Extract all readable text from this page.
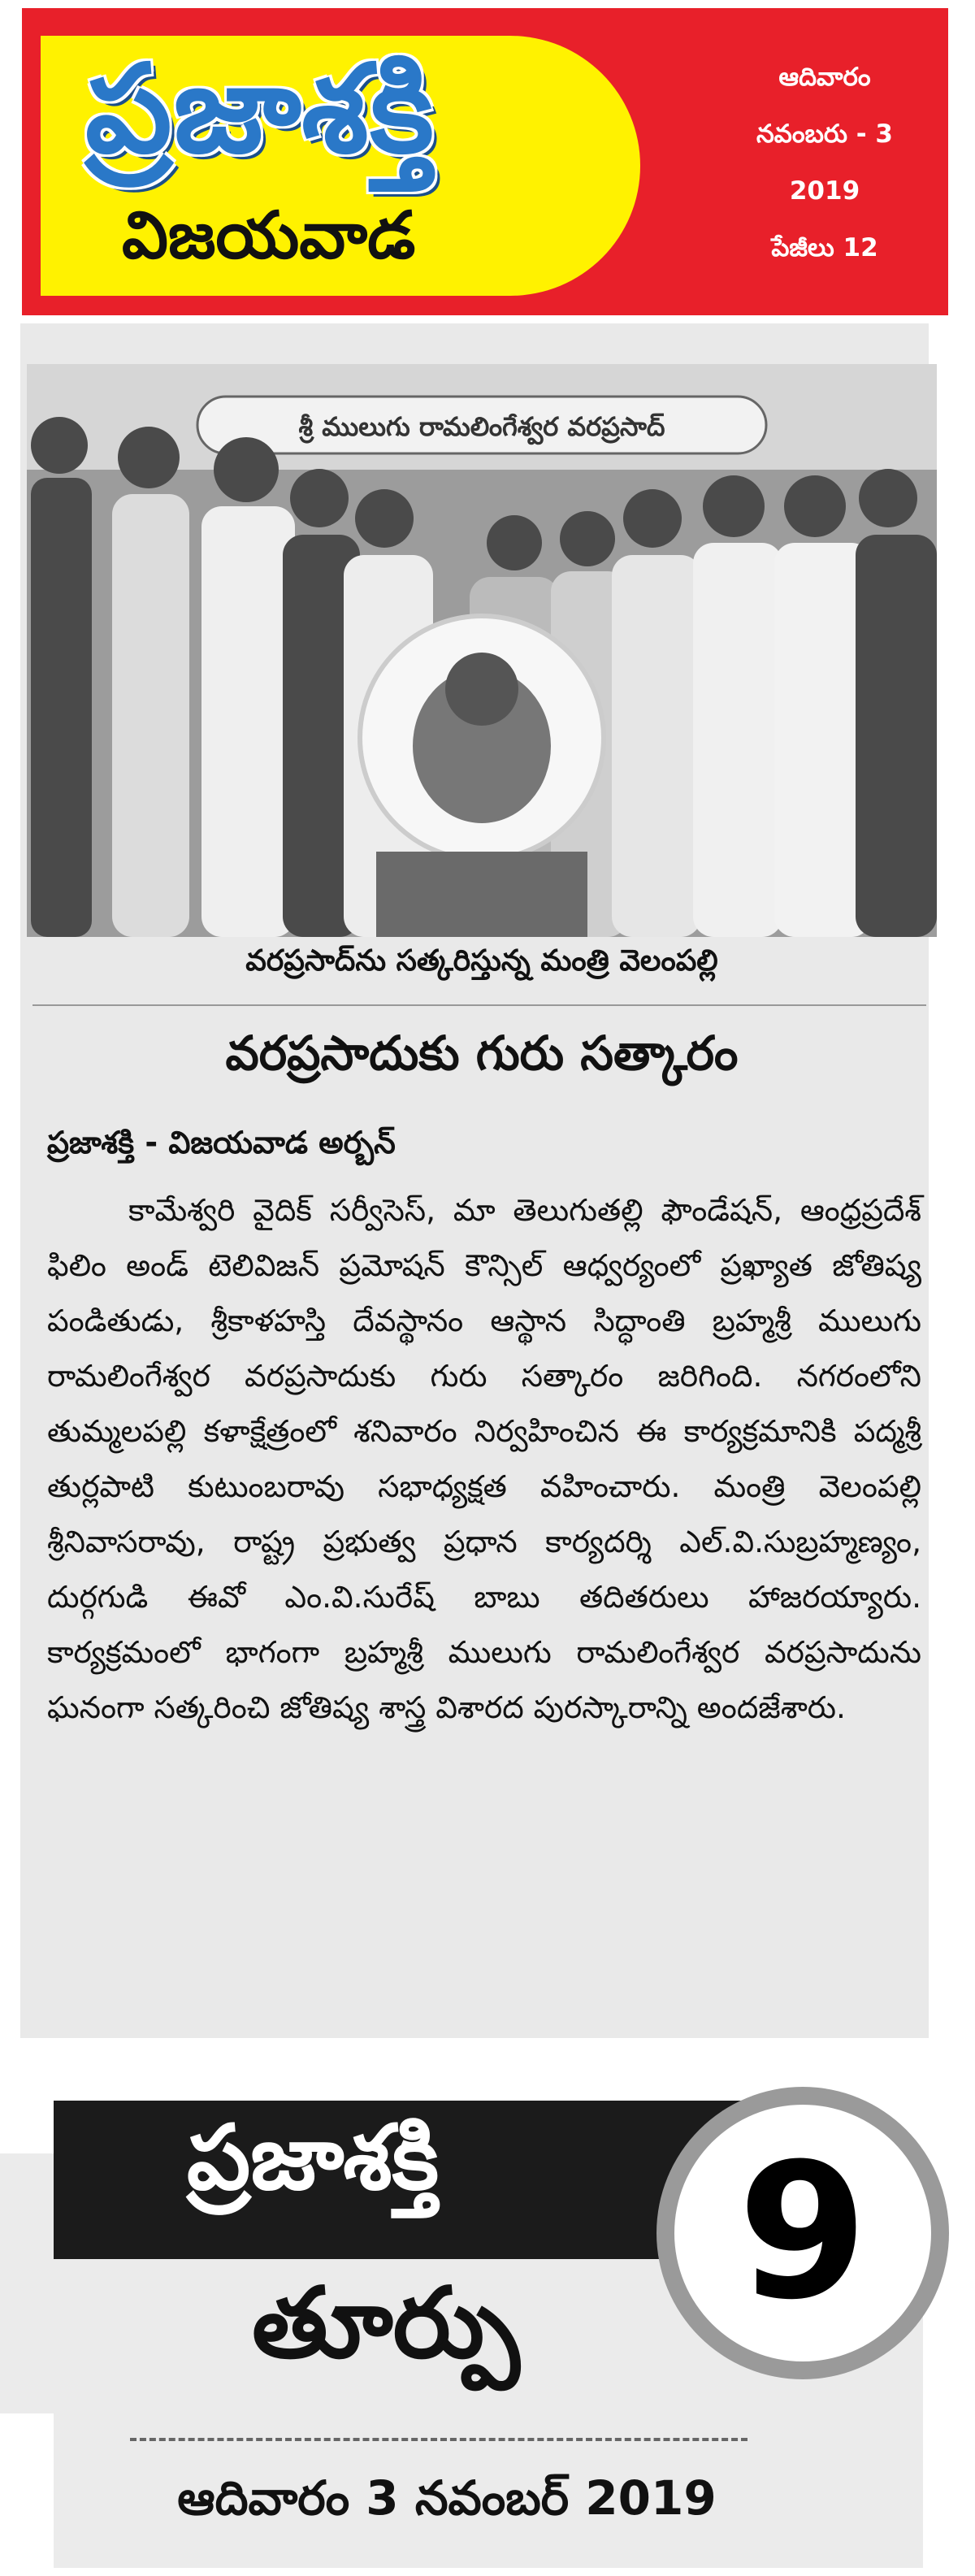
ప్రజాశక్తి
విజయవాడ
ఆదివారం
నవంబరు - 3
2019
పేజీలు 12
శ్రీ ములుగు రామలింగేశ్వర వరప్రసాద్
వరప్రసాద్‌ను సత్కరిస్తున్న మంత్రి వెలంపల్లి
వరప్రసాదుకు గురు సత్కారం
ప్రజాశక్తి - విజయవాడ అర్బన్

కామేశ్వరి వైదిక్ సర్వీసెస్, మా తెలుగుతల్లి ఫౌండేషన్, ఆంధ్రప్రదేశ్ ఫిలిం అండ్ టెలివిజన్ ప్రమోషన్ కౌన్సిల్ ఆధ్వర్యంలో ప్రఖ్యాత జోతిష్య పండితుడు, శ్రీకాళహస్తి దేవస్థానం ఆస్థాన సిద్ధాంతి బ్రహ్మశ్రీ ములుగు రామలింగేశ్వర వరప్రసాదుకు గురు సత్కారం జరిగింది. నగరంలోని తుమ్మలపల్లి కళాక్షేత్రంలో శనివారం నిర్వహించిన ఈ కార్యక్రమానికి పద్మశ్రీ తుర్లపాటి కుటుంబరావు సభాధ్యక్షత వహించారు. మంత్రి వెలంపల్లి శ్రీనివాసరావు, రాష్ట్ర ప్రభుత్వ ప్రధాన కార్యదర్శి ఎల్.వి.సుబ్రహ్మణ్యం, దుర్గగుడి ఈవో ఎం.వి.సురేష్ బాబు తదితరులు హాజరయ్యారు. కార్యక్రమంలో భాగంగా బ్రహ్మశ్రీ ములుగు రామలింగేశ్వర వరప్రసాదును ఘనంగా సత్కరించి జోతిష్య శాస్త్ర విశారద పురస్కారాన్ని అందజేశారు.

ప్రజాశక్తి
తూర్పు
ఆదివారం 3 నవంబర్ 2019
9
